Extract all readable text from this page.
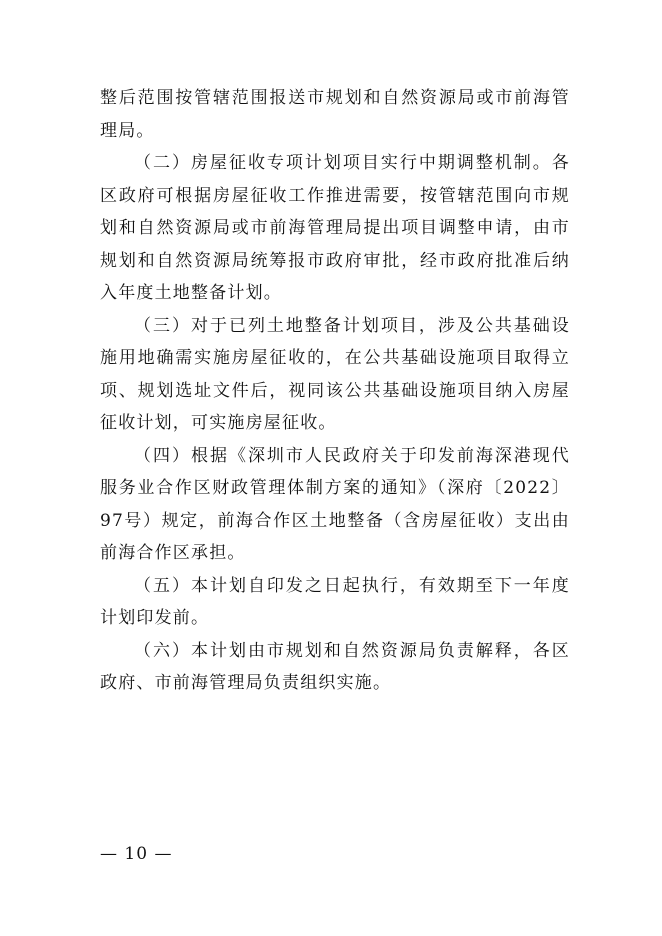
整后范围按管辖范围报送市规划和自然资源局或市前海管理局。

（二）房屋征收专项计划项目实行中期调整机制。各区政府可根据房屋征收工作推进需要，按管辖范围向市规划和自然资源局或市前海管理局提出项目调整申请，由市规划和自然资源局统筹报市政府审批，经市政府批准后纳入年度土地整备计划。

（三）对于已列土地整备计划项目，涉及公共基础设施用地确需实施房屋征收的，在公共基础设施项目取得立项、规划选址文件后，视同该公共基础设施项目纳入房屋征收计划，可实施房屋征收。

（四）根据《深圳市人民政府关于印发前海深港现代服务业合作区财政管理体制方案的通知》（深府〔2022〕97号）规定，前海合作区土地整备（含房屋征收）支出由前海合作区承担。

（五）本计划自印发之日起执行，有效期至下一年度计划印发前。

（六）本计划由市规划和自然资源局负责解释，各区政府、市前海管理局负责组织实施。

— 10 —
